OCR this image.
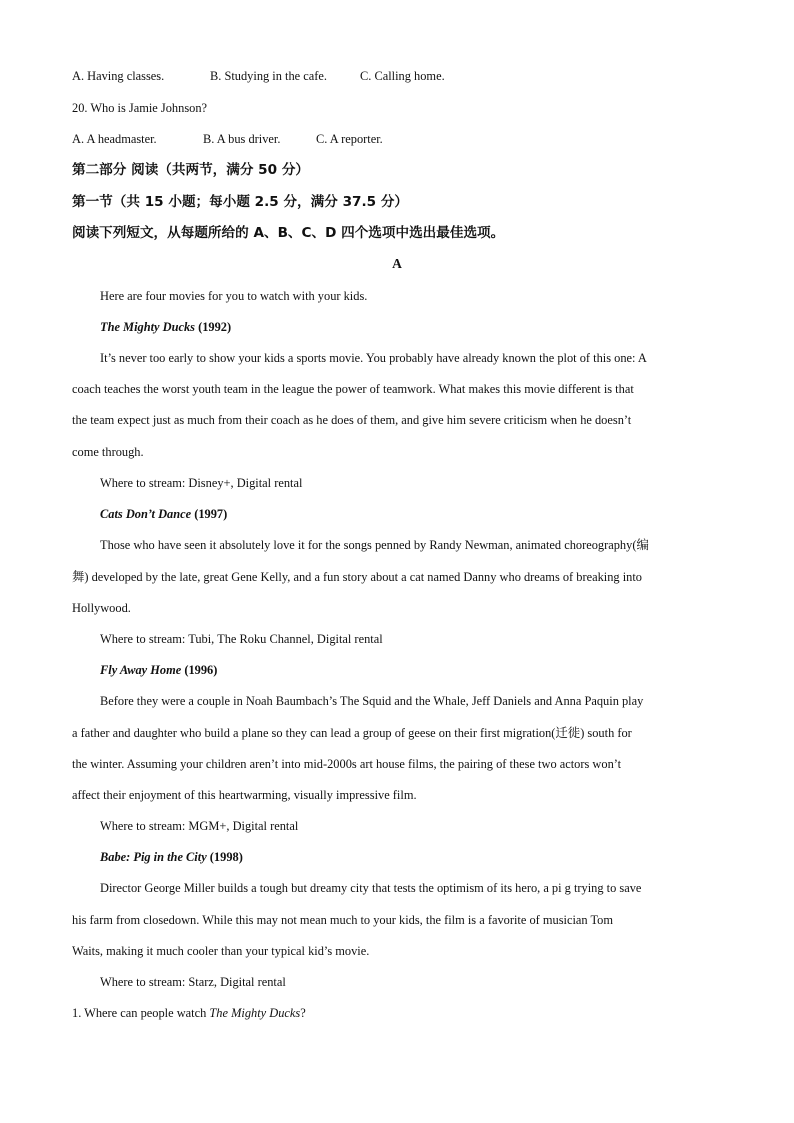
A. Having classes.	B. Studying in the cafe.	C. Calling home.
20. Who is Jamie Johnson?
A. A headmaster.	B. A bus driver.	C. A reporter.
第二部分 阅读（共两节，满分 50 分）
第一节（共 15 小题；每小题 2.5 分，满分 37.5 分）
阅读下列短文，从每题所给的 A、B、C、D 四个选项中选出最佳选项。
A
Here are four movies for you to watch with your kids.
The Mighty Ducks (1992)
It’s never too early to show your kids a sports movie. You probably have already known the plot of this one: A
coach teaches the worst youth team in the league the power of teamwork. What makes this movie different is that
the team expect just as much from their coach as he does of them, and give him severe criticism when he doesn’t
come through.
Where to stream: Disney+, Digital rental
Cats Don’t Dance (1997)
Those who have seen it absolutely love it for the songs penned by Randy Newman, animated choreography(编
舞) developed by the late, great Gene Kelly, and a fun story about a cat named Danny who dreams of breaking into
Hollywood.
Where to stream: Tubi, The Roku Channel, Digital rental
Fly Away Home (1996)
Before they were a couple in Noah Baumbach’s The Squid and the Whale, Jeff Daniels and Anna Paquin play
a father and daughter who build a plane so they can lead a group of geese on their first migration(迁徙) south for
the winter. Assuming your children aren’t into mid-2000s art house films, the pairing of these two actors won’t
affect their enjoyment of this heartwarming, visually impressive film.
Where to stream: MGM+, Digital rental
Babe: Pig in the City (1998)
Director George Miller builds a tough but dreamy city that tests the optimism of its hero, a pi g trying to save
his farm from closedown. While this may not mean much to your kids, the film is a favorite of musician Tom
Waits, making it much cooler than your typical kid’s movie.
Where to stream: Starz, Digital rental
1. Where can people watch The Mighty Ducks?
